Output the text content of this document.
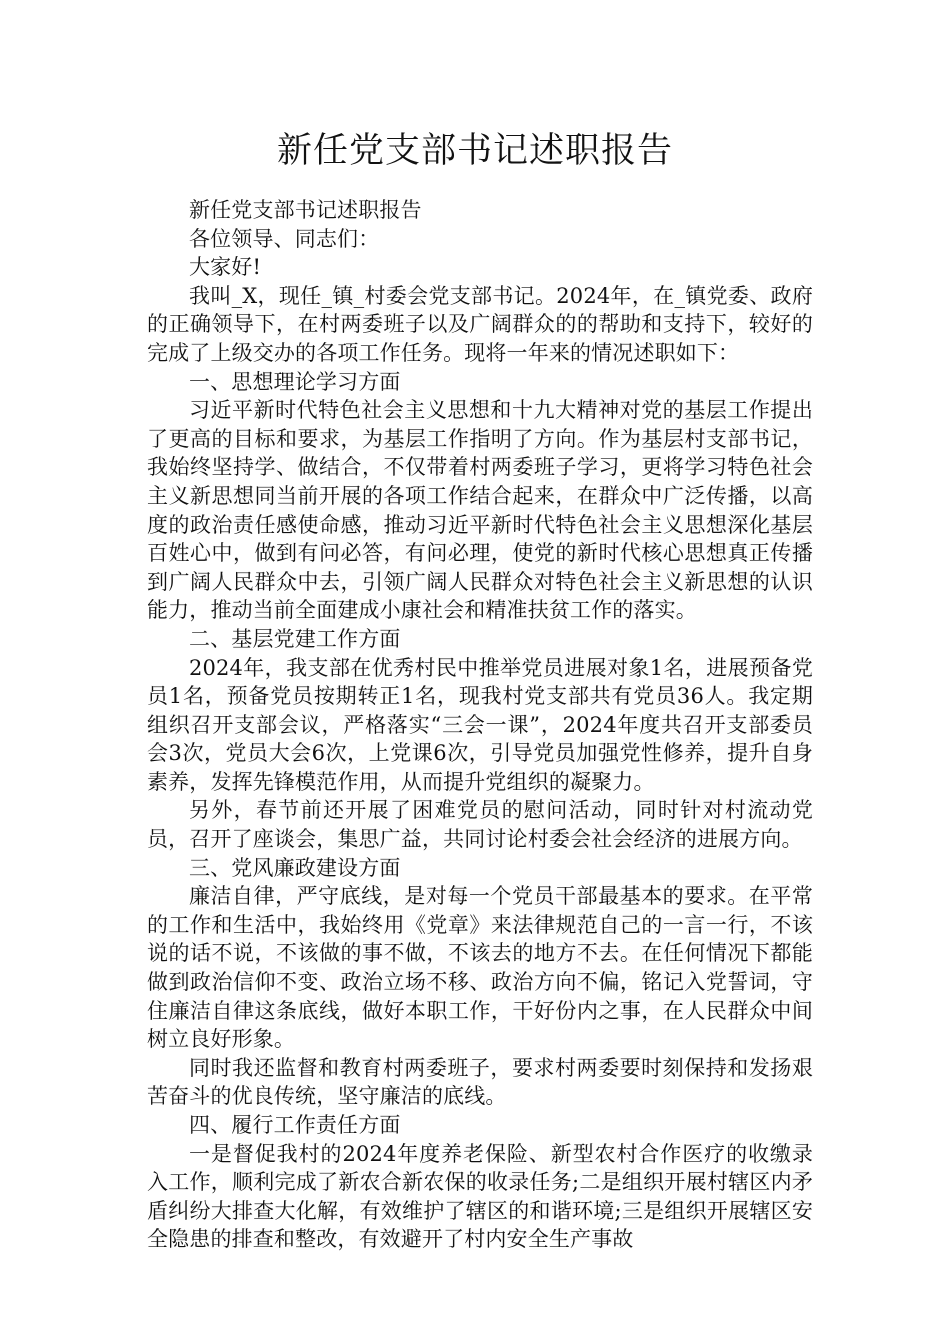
新任党支部书记述职报告

新任党支部书记述职报告

各位领导、同志们：

大家好!

我叫_X，现任_镇_村委会党支部书记。2024年，在_镇党委、政府的正确领导下，在村两委班子以及广阔群众的的帮助和支持下，较好的完成了上级交办的各项工作任务。现将一年来的情况述职如下：

一、思想理论学习方面

习近平新时代特色社会主义思想和十九大精神对党的基层工作提出了更高的目标和要求，为基层工作指明了方向。作为基层村支部书记，我始终坚持学、做结合，不仅带着村两委班子学习，更将学习特色社会主义新思想同当前开展的各项工作结合起来，在群众中广泛传播，以高度的政治责任感使命感，推动习近平新时代特色社会主义思想深化基层百姓心中，做到有问必答，有问必理，使党的新时代核心思想真正传播到广阔人民群众中去，引领广阔人民群众对特色社会主义新思想的认识能力，推动当前全面建成小康社会和精准扶贫工作的落实。

二、基层党建工作方面

2024年，我支部在优秀村民中推举党员进展对象1名，进展预备党员1名，预备党员按期转正1名，现我村党支部共有党员36人。我定期组织召开支部会议，严格落实“三会一课”，2024年度共召开支部委员会3次，党员大会6次，上党课6次，引导党员加强党性修养，提升自身素养，发挥先锋模范作用，从而提升党组织的凝聚力。

另外，春节前还开展了困难党员的慰问活动，同时针对村流动党员，召开了座谈会，集思广益，共同讨论村委会社会经济的进展方向。

三、党风廉政建设方面

廉洁自律，严守底线，是对每一个党员干部最基本的要求。在平常的工作和生活中，我始终用《党章》来法律规范自己的一言一行，不该说的话不说，不该做的事不做，不该去的地方不去。在任何情况下都能做到政治信仰不变、政治立场不移、政治方向不偏，铭记入党誓词，守住廉洁自律这条底线，做好本职工作，干好份内之事，在人民群众中间树立良好形象。

同时我还监督和教育村两委班子，要求村两委要时刻保持和发扬艰苦奋斗的优良传统，坚守廉洁的底线。

四、履行工作责任方面

一是督促我村的2024年度养老保险、新型农村合作医疗的收缴录入工作，顺利完成了新农合新农保的收录任务;二是组织开展村辖区内矛盾纠纷大排查大化解，有效维护了辖区的和谐环境;三是组织开展辖区安全隐患的排查和整改，有效避开了村内安全生产事故
